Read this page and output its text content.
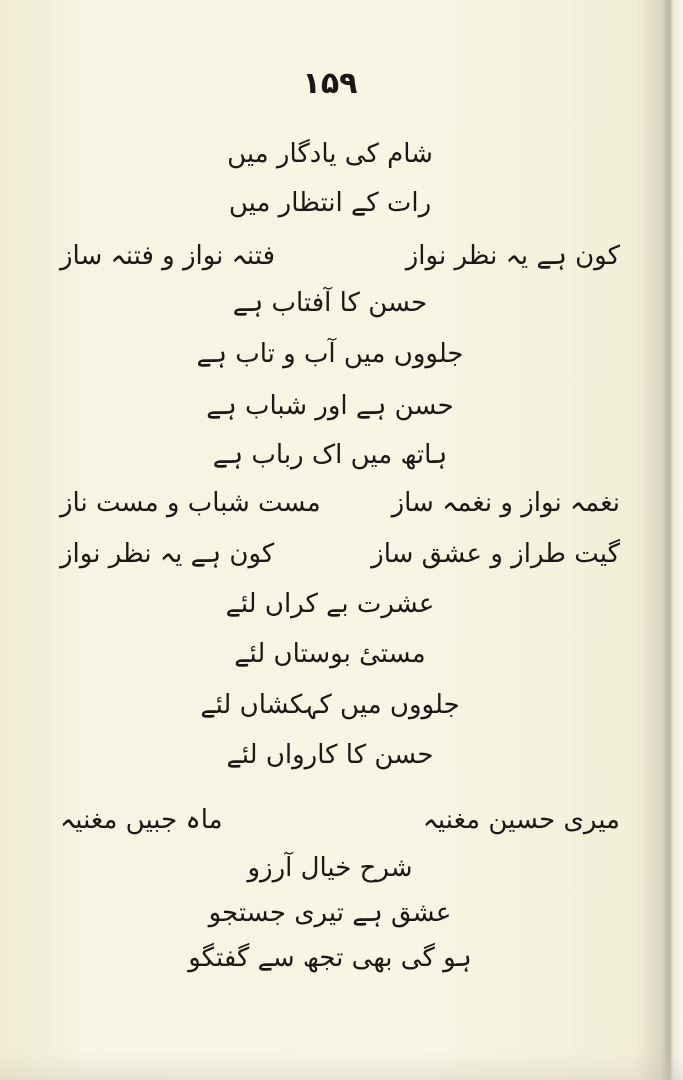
۱۵۹
شام کی یادگار میں
رات کے انتظار میں
کون ہے یہ نظر نواز
فتنہ نواز و فتنہ ساز
حسن کا آفتاب ہے
جلووں میں آب و تاب ہے
حسن ہے اور شباب ہے
ہاتھ میں اک رباب ہے
نغمہ نواز و نغمہ ساز
مست شباب و مست ناز
گیت طراز و عشق ساز
کون ہے یہ نظر نواز
عشرت بے کراں لئے
مستیٔ بوستاں لئے
جلووں میں کہکشاں لئے
حسن کا کارواں لئے
میری حسین مغنیہ
ماہ جبیں مغنیہ
شرح خیال آرزو
عشق ہے تیری جستجو
ہو گی بھی تجھ سے گفتگو
